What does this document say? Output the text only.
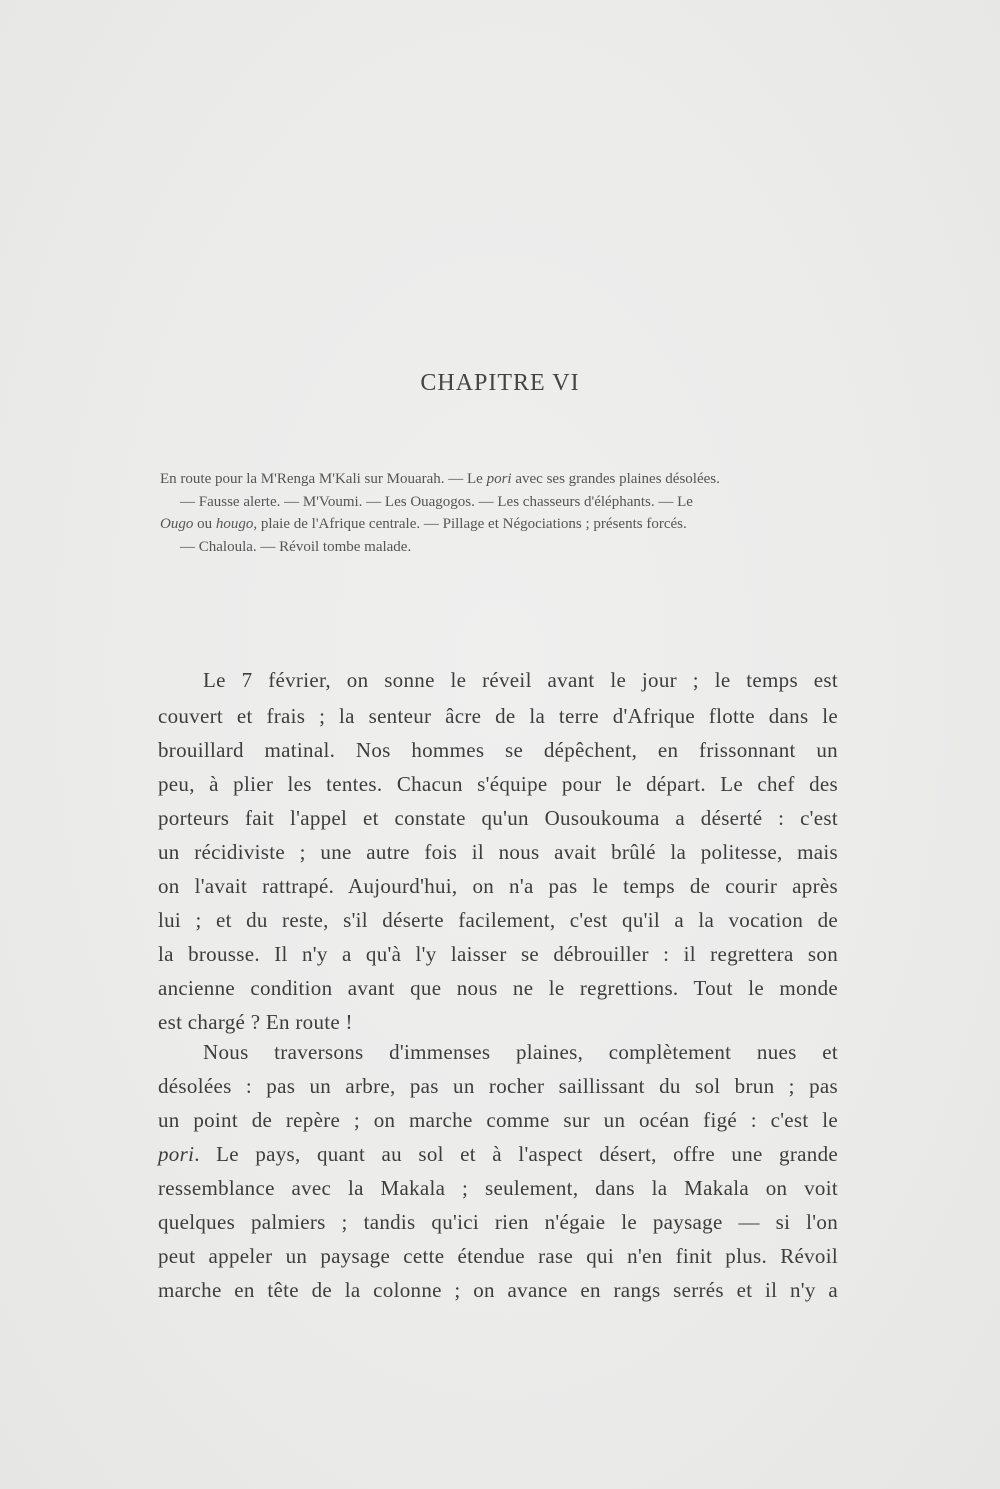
CHAPITRE VI
En route pour la M'Renga M'Kali sur Mouarah. — Le pori avec ses grandes plaines désolées.
— Fausse alerte. — M'Voumi. — Les Ouagogos. — Les chasseurs d'éléphants. — Le
Ougo ou hougo, plaie de l'Afrique centrale. — Pillage et Négociations ; présents forcés.
— Chaloula. — Révoil tombe malade.
Le 7 février, on sonne le réveil avant le jour ; le temps est
couvert et frais ; la senteur âcre de la terre d'Afrique flotte dans le
brouillard matinal. Nos hommes se dépêchent, en frissonnant un
peu, à plier les tentes. Chacun s'équipe pour le départ. Le chef des
porteurs fait l'appel et constate qu'un Ousoukouma a déserté : c'est
un récidiviste ; une autre fois il nous avait brûlé la politesse, mais
on l'avait rattrapé. Aujourd'hui, on n'a pas le temps de courir après
lui ; et du reste, s'il déserte facilement, c'est qu'il a la vocation de
la brousse. Il n'y a qu'à l'y laisser se débrouiller : il regrettera son
ancienne condition avant que nous ne le regrettions. Tout le monde
est chargé ? En route !
Nous traversons d'immenses plaines, complètement nues et
désolées : pas un arbre, pas un rocher saillissant du sol brun ; pas
un point de repère ; on marche comme sur un océan figé : c'est le
pori. Le pays, quant au sol et à l'aspect désert, offre une grande
ressemblance avec la Makala ; seulement, dans la Makala on voit
quelques palmiers ; tandis qu'ici rien n'égaie le paysage — si l'on
peut appeler un paysage cette étendue rase qui n'en finit plus. Révoil
marche en tête de la colonne ; on avance en rangs serrés et il n'y a
